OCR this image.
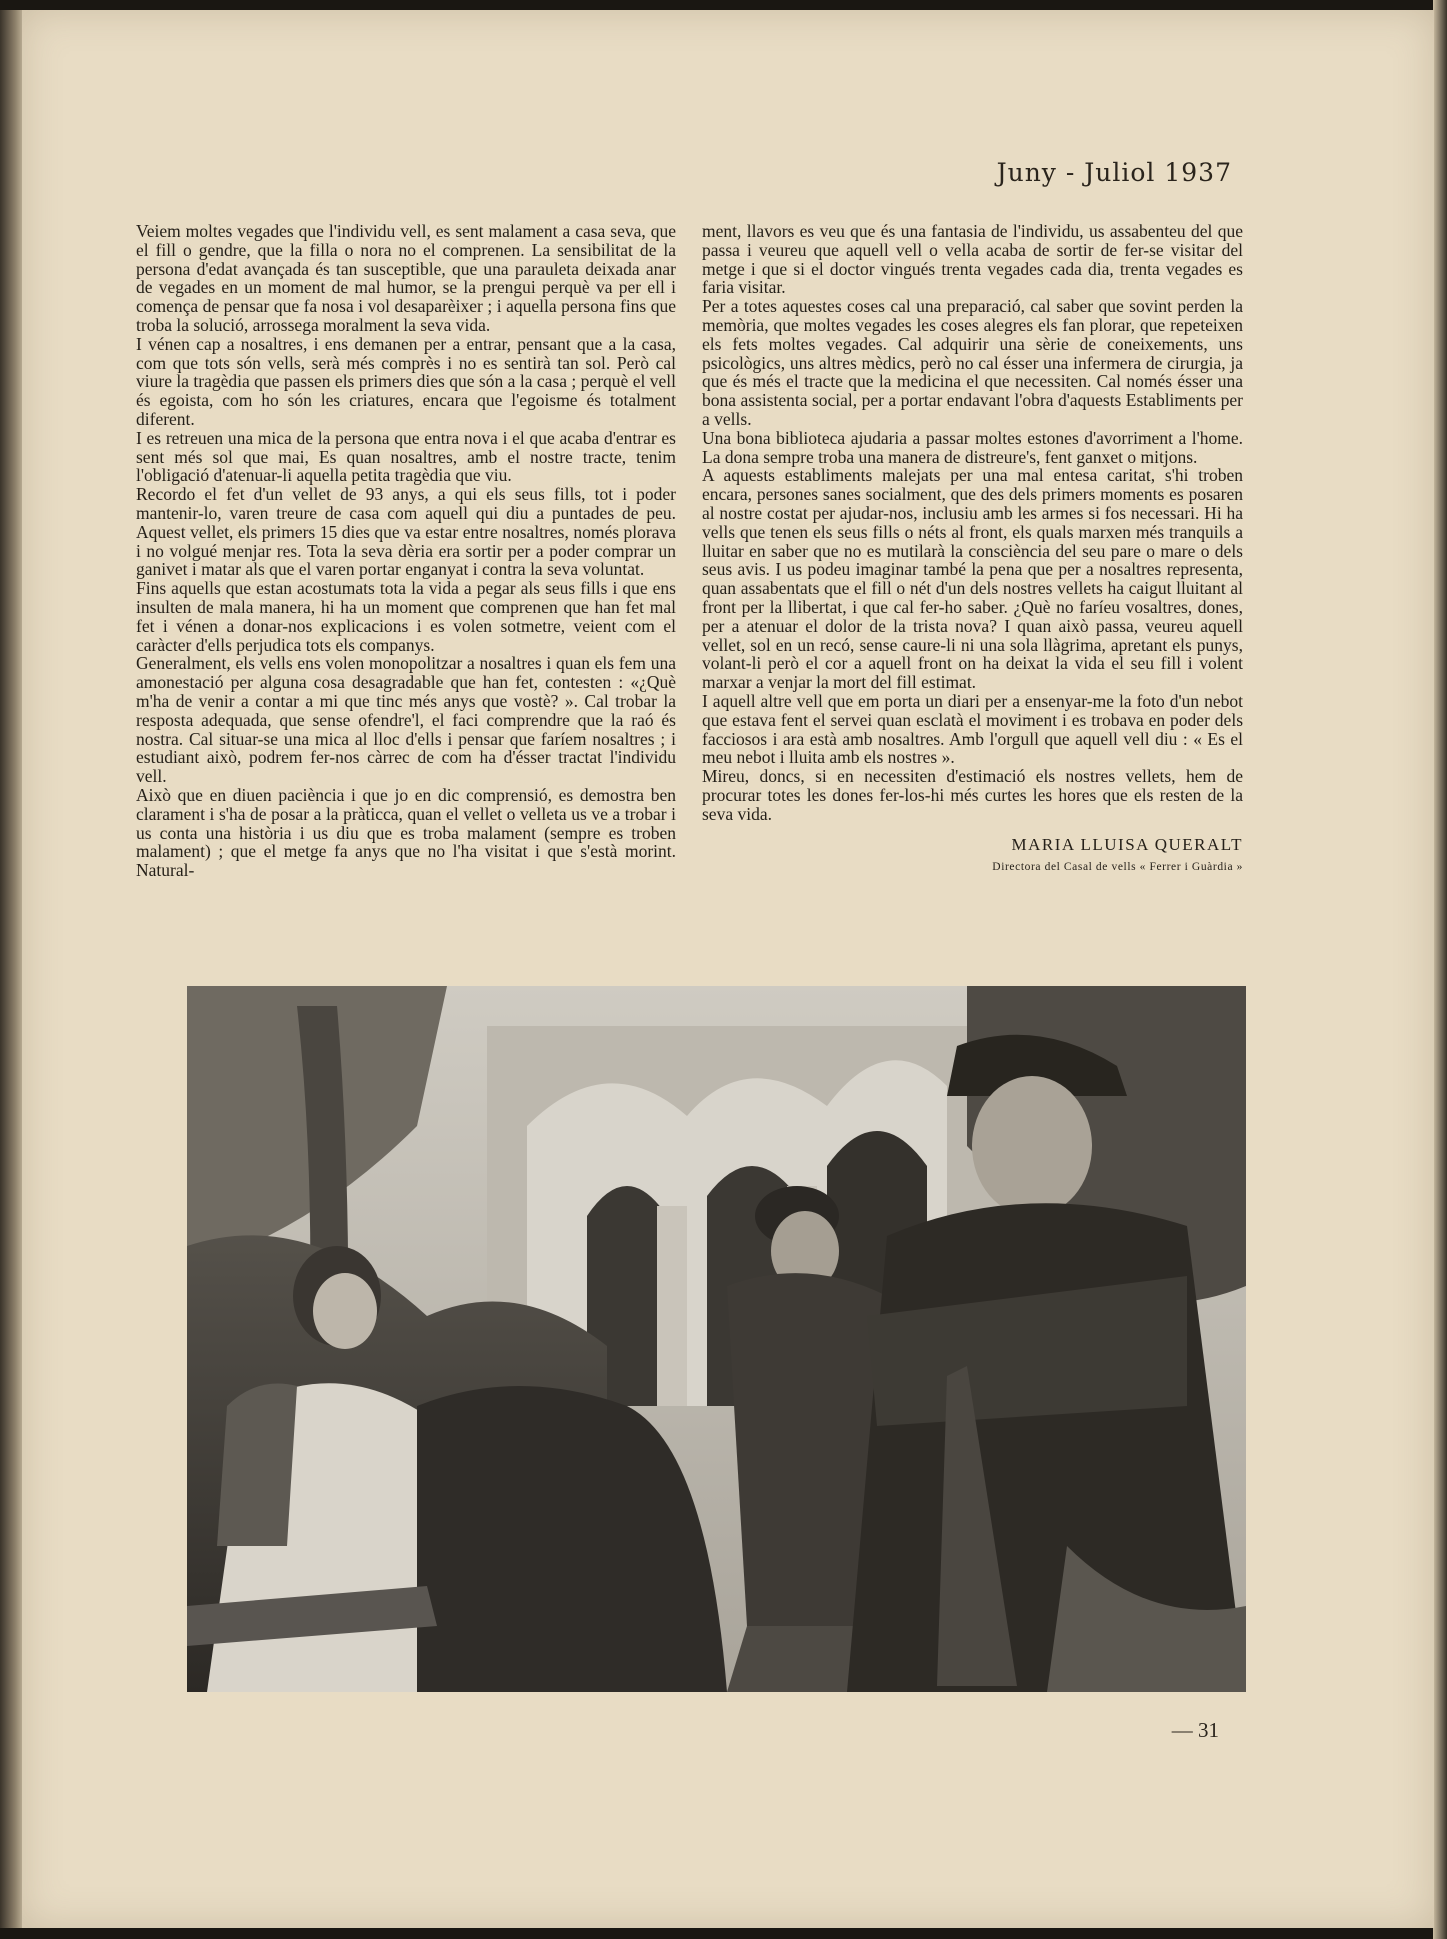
Juny - Juliol 1937

Veiem moltes vegades que l'individu vell, es sent malament a casa seva, que el fill o gendre, que la filla o nora no el comprenen. La sensibilitat de la persona d'edat avançada és tan susceptible, que una parauleta deixada anar de vegades en un moment de mal humor, se la prengui perquè va per ell i comença de pensar que fa nosa i vol desaparèixer ; i aquella persona fins que troba la solució, arrossega moralment la seva vida.

I vénen cap a nosaltres, i ens demanen per a entrar, pensant que a la casa, com que tots són vells, serà més comprès i no es sentirà tan sol. Però cal viure la tragèdia que passen els primers dies que són a la casa ; perquè el vell és egoista, com ho són les criatures, encara que l'egoisme és totalment diferent.

I es retreuen una mica de la persona que entra nova i el que acaba d'entrar es sent més sol que mai, Es quan nosaltres, amb el nostre tracte, tenim l'obligació d'atenuar-li aquella petita tragèdia que viu.

Recordo el fet d'un vellet de 93 anys, a qui els seus fills, tot i poder mantenir-lo, varen treure de casa com aquell qui diu a puntades de peu. Aquest vellet, els primers 15 dies que va estar entre nosaltres, només plorava i no volgué menjar res. Tota la seva dèria era sortir per a poder comprar un ganivet i matar als que el varen portar enganyat i contra la seva voluntat.

Fins aquells que estan acostumats tota la vida a pegar als seus fills i que ens insulten de mala manera, hi ha un moment que comprenen que han fet mal fet i vénen a donar-nos explicacions i es volen sotmetre, veient com el caràcter d'ells perjudica tots els companys.

Generalment, els vells ens volen monopolitzar a nosaltres i quan els fem una amonestació per alguna cosa desagradable que han fet, contesten : «¿Què m'ha de venir a contar a mi que tinc més anys que vostè? ». Cal trobar la resposta adequada, que sense ofendre'l, el faci comprendre que la raó és nostra. Cal situar-se una mica al lloc d'ells i pensar que faríem nosaltres ; i estudiant això, podrem fer-nos càrrec de com ha d'ésser tractat l'individu vell.

Això que en diuen paciència i que jo en dic comprensió, es demostra ben clarament i s'ha de posar a la pràticca, quan el vellet o velleta us ve a trobar i us conta una història i us diu que es troba malament (sempre es troben malament) ; que el metge fa anys que no l'ha visitat i que s'està morint. Natural-

ment, llavors es veu que és una fantasia de l'individu, us assabenteu del que passa i veureu que aquell vell o vella acaba de sortir de fer-se visitar del metge i que si el doctor vingués trenta vegades cada dia, trenta vegades es faria visitar.

Per a totes aquestes coses cal una preparació, cal saber que sovint perden la memòria, que moltes vegades les coses alegres els fan plorar, que repeteixen els fets moltes vegades. Cal adquirir una sèrie de coneixements, uns psicològics, uns altres mèdics, però no cal ésser una infermera de cirurgia, ja que és més el tracte que la medicina el que necessiten. Cal només ésser una bona assistenta social, per a portar endavant l'obra d'aquests Establiments per a vells.

Una bona biblioteca ajudaria a passar moltes estones d'avorriment a l'home. La dona sempre troba una manera de distreure's, fent ganxet o mitjons.

A aquests establiments malejats per una mal entesa caritat, s'hi troben encara, persones sanes socialment, que des dels primers moments es posaren al nostre costat per ajudar-nos, inclusiu amb les armes si fos necessari. Hi ha vells que tenen els seus fills o néts al front, els quals marxen més tranquils a lluitar en saber que no es mutilarà la consciència del seu pare o mare o dels seus avis. I us podeu imaginar també la pena que per a nosaltres representa, quan assabentats que el fill o nét d'un dels nostres vellets ha caigut lluitant al front per la llibertat, i que cal fer-ho saber. ¿Què no faríeu vosaltres, dones, per a atenuar el dolor de la trista nova? I quan això passa, veureu aquell vellet, sol en un recó, sense caure-li ni una sola llàgrima, apretant els punys, volant-li però el cor a aquell front on ha deixat la vida el seu fill i volent marxar a venjar la mort del fill estimat.

I aquell altre vell que em porta un diari per a ensenyar-me la foto d'un nebot que estava fent el servei quan esclatà el moviment i es trobava en poder dels facciosos i ara està amb nosaltres. Amb l'orgull que aquell vell diu : « Es el meu nebot i lluita amb els nostres ».

Mireu, doncs, si en necessiten d'estimació els nostres vellets, hem de procurar totes les dones fer-los-hi més curtes les hores que els resten de la seva vida.

MARIA LLUISA QUERALT
Directora del Casal de vells « Ferrer i Guàrdia »
— 31
